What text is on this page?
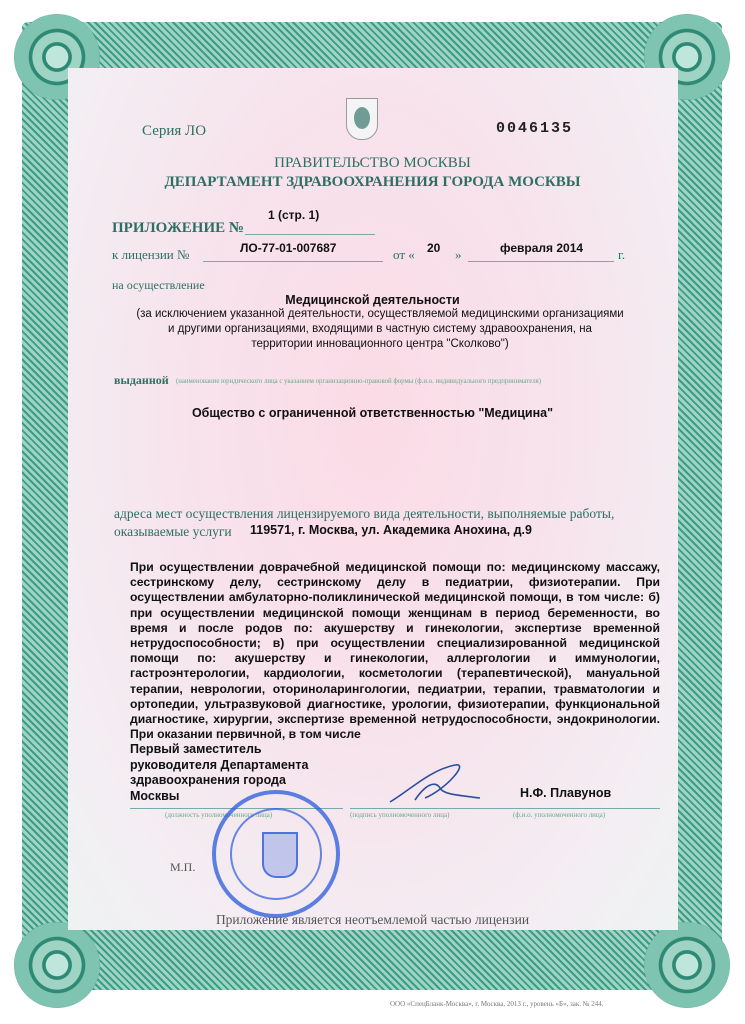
Серия ЛО	0046135
ПРАВИТЕЛЬСТВО МОСКВЫ
ДЕПАРТАМЕНТ ЗДРАВООХРАНЕНИЯ ГОРОДА МОСКВЫ
ПРИЛОЖЕНИЕ №
1 (стр. 1)
к лицензии №	ЛО-77-01-007687	от « 20 »	февраля 2014	г.
на осуществление
Медицинской деятельности
(за исключением указанной деятельности, осуществляемой медицинскими организациями
и другими организациями, входящими в частную систему здравоохранения, на
территории инновационного центра "Сколково")
выданной (наименование юридического лица с указанием организационно-правовой формы (ф.и.о. индивидуального предпринимателя)
Общество с ограниченной ответственностью "Медицина"
адреса мест осуществления лицензируемого вида деятельности, выполняемые работы,
оказываемые услуги 119571, г. Москва, ул. Академика Анохина, д.9
При осуществлении доврачебной медицинской помощи по: медицинскому массажу, сестринскому делу, сестринскому делу в педиатрии, физиотерапии. При осуществлении амбулаторно-поликлинической медицинской помощи, в том числе: б) при осуществлении медицинской помощи женщинам в период беременности, во время и после родов по: акушерству и гинекологии, экспертизе временной нетрудоспособности; в) при осуществлении специализированной медицинской помощи по: акушерству и гинекологии, аллергологии и иммунологии, гастроэнтерологии, кардиологии, косметологии (терапевтической), мануальной терапии, неврологии, оториноларингологии, педиатрии, терапии, травматологии и ортопедии, ультразвуковой диагностике, урологии, физиотерапии, функциональной диагностике, хирургии, экспертизе временной нетрудоспособности, эндокринологии. При оказании первичной, в том числе
Первый заместитель
руководителя Департамента
здравоохранения города
Москвы	Н.Ф. Плавунов
(должность уполномоченного лица)	(подпись уполномоченного лица)	(ф.и.о. уполномоченного лица)
М.П.
Приложение является неотъемлемой частью лицензии
ООО «СпецБланк-Москва», г. Москва, 2013 г., уровень «Б», зак. № 244.
